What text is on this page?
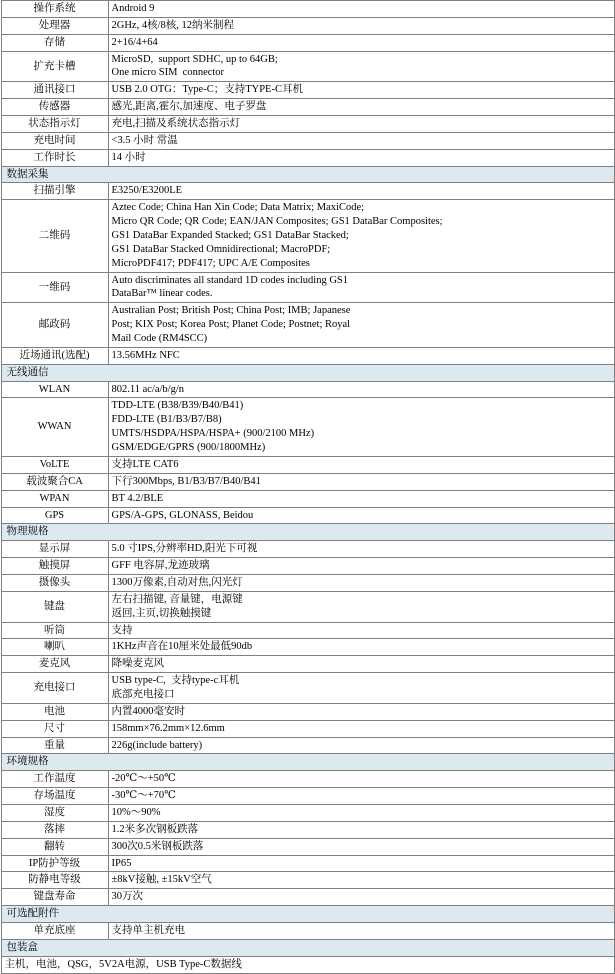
操作系统	Android 9

处理器	2GHz, 4核/8核, 12纳米制程

存储	2+16/4+64

扩充卡槽	MicroSD,  support SDHC, up to 64GB;
One micro SIM  connector

通讯接口	USB 2.0 OTG：Type-C；支持TYPE-C耳机

传感器	感光,距离,霍尔,加速度、电子罗盘

状态指示灯	充电,扫描及系统状态指示灯

充电时间	<3.5 小时 常温

工作时长	14 小时

数据采集	
扫描引擎	E3250/E3200LE

二维码	Aztec Code; China Han Xin Code; Data Matrix; MaxiCode;
Micro QR Code; QR Code; EAN/JAN Composites; GS1 DataBar Composites;
GS1 DataBar Expanded Stacked; GS1 DataBar Stacked;
GS1 DataBar Stacked Omnidirectional; MacroPDF;
MicroPDF417; PDF417; UPC A/E Composites

一维码	Auto discriminates all standard 1D codes including GS1
DataBar™ linear codes.

邮政码	Australian Post; British Post; China Post; IMB; Japanese
Post; KIX Post; Korea Post; Planet Code; Postnet; Royal
Mail Code (RM4SCC)

近场通讯(选配)	13.56MHz NFC

无线通信	
WLAN	802.11 ac/a/b/g/n

WWAN	TDD-LTE (B38/B39/B40/B41)
FDD-LTE (B1/B3/B7/B8)
UMTS/HSDPA/HSPA/HSPA+ (900/2100 MHz)
GSM/EDGE/GPRS (900/1800MHz)

VoLTE	支持LTE CAT6

载波聚合CA	下行300Mbps, B1/B3/B7/B40/B41

WPAN	BT 4.2/BLE

GPS	GPS/A-GPS, GLONASS, Beidou

物理规格	
显示屏	5.0 寸IPS,分辨率HD,阳光下可视

触摸屏	GFF 电容屏,龙迹玻璃

摄像头	1300万像素,自动对焦,闪光灯

键盘	左右扫描键, 音量键，电源键
返回,主页,切换触摸键

听筒	支持

喇叭	1KHz声音在10厘米处最低90db

麦克风	降噪麦克风

充电接口	USB type-C,  支持type-c耳机
底部充电接口

电池	内置4000毫安时

尺寸	158mm×76.2mm×12.6mm

重量	226g(include battery)

环境规格	
工作温度	-20℃～+50℃

存场温度	-30℃～+70℃

湿度	10%～90%

落摔	1.2米多次钢板跌落

翻转	300次0.5米钢板跌落

IP防护等级	IP65

防静电等级	±8kV接触, ±15kV空气

键盘寿命	30万次

可选配附件	
单充底座	支持单主机充电

包装盒	

主机，电池，QSG，5V2A电源，USB Type-C数据线	
